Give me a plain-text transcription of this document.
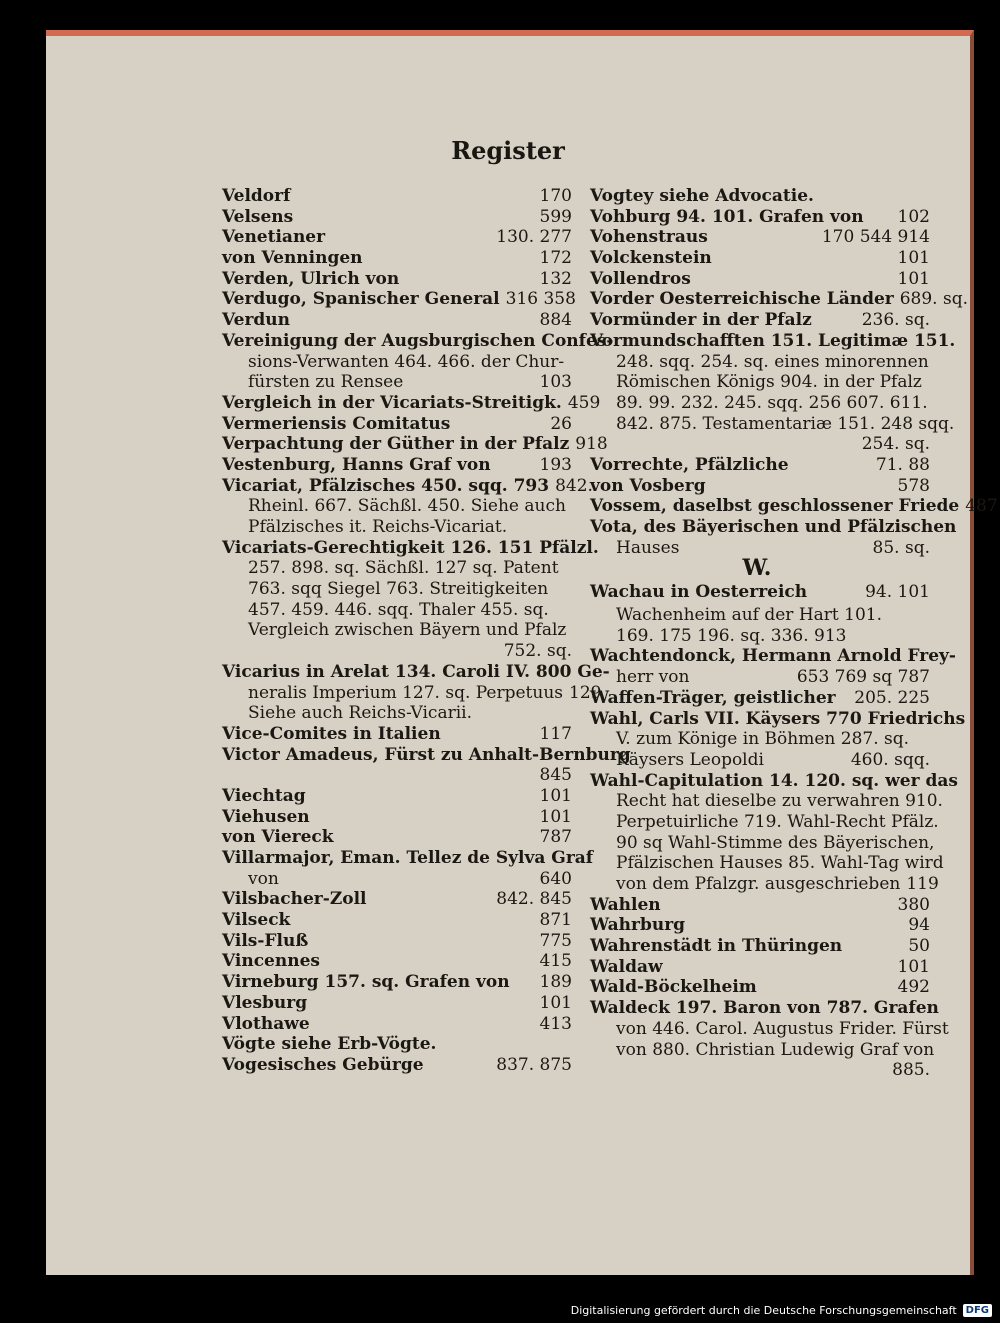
Register
Veldorf	170
Velsens	599
Venetianer	130. 277
von Venningen	172
Verden, Ulrich von	132
Verdugo, Spanischer General 316 358
Verdun	884
Vereinigung der Augsburgischen Confes-
sions-Verwanten 464. 466. der Chur-
fürsten zu Rensee	103
Vergleich in der Vicariats-Streitigk. 459
Vermeriensis Comitatus	26
Verpachtung der Güther in der Pfalz 918
Vestenburg, Hanns Graf von	193
Vicariat, Pfälzisches 450. sqq. 793 842.
Rheinl. 667. Sächßl. 450. Siehe auch
Pfälzisches it. Reichs-Vicariat.
Vicariats-Gerechtigkeit 126. 151 Pfälzl.
257. 898. sq. Sächßl. 127 sq. Patent
763. sqq Siegel 763. Streitigkeiten
457. 459. 446. sqq. Thaler 455. sq.
Vergleich zwischen Bäyern und Pfalz
752. sq.
Vicarius in Arelat 134. Caroli IV. 800 Ge-
neralis Imperium 127. sq. Perpetuus 129
Siehe auch Reichs-Vicarii.
Vice-Comites in Italien	117
Victor Amadeus, Fürst zu Anhalt-Bernburg
845
Viechtag	101
Viehusen	101
von Viereck	787
Villarmajor, Eman. Tellez de Sylva Graf
von	640
Vilsbacher-Zoll	842. 845
Vilseck	871
Vils-Fluß	775
Vincennes	415
Virneburg 157. sq. Grafen von	189
Vlesburg	101
Vlothawe	413
Vögte siehe Erb-Vögte.
Vogesisches Gebürge	837. 875
Vogtey siehe Advocatie.
Vohburg 94. 101. Grafen von	102
Vohenstraus	170 544 914
Volckenstein	101
Vollendros	101
Vorder Oesterreichische Länder 689. sq.
Vormünder in der Pfalz	236. sq.
Vormundschafften 151. Legitimæ 151.
248. sqq. 254. sq. eines minorennen
Römischen Königs 904. in der Pfalz
89. 99. 232. 245. sqq. 256 607. 611.
842. 875. Testamentariæ 151. 248 sqq.
254. sq.
Vorrechte, Pfälzliche	71. 88
von Vosberg	578
Vossem, daselbst geschlossener Friede 487
Vota, des Bäyerischen und Pfälzischen
Hauses	85. sq.
W.
Wachau in Oesterreich	94. 101
Wachenheim auf der Hart 101.
169. 175 196. sq. 336. 913
Wachtendonck, Hermann Arnold Frey-
herr von	653 769 sq 787
Waffen-Träger, geistlicher	205. 225
Wahl, Carls VII. Käysers 770 Friedrichs
V. zum Könige in Böhmen 287. sq.
Käysers Leopoldi	460. sqq.
Wahl-Capitulation 14. 120. sq. wer das
Recht hat dieselbe zu verwahren 910.
Perpetuirliche 719. Wahl-Recht Pfälz.
90 sq Wahl-Stimme des Bäyerischen,
Pfälzischen Hauses 85. Wahl-Tag wird
von dem Pfalzgr. ausgeschrieben 119
Wahlen	380
Wahrburg	94
Wahrenstädt in Thüringen	50
Waldaw	101
Wald-Böckelheim	492
Waldeck 197. Baron von 787. Grafen
von 446. Carol. Augustus Frider. Fürst
von 880. Christian Ludewig Graf von
885.
Digitalisierung gefördert durch die Deutsche Forschungsgemeinschaft DFG
